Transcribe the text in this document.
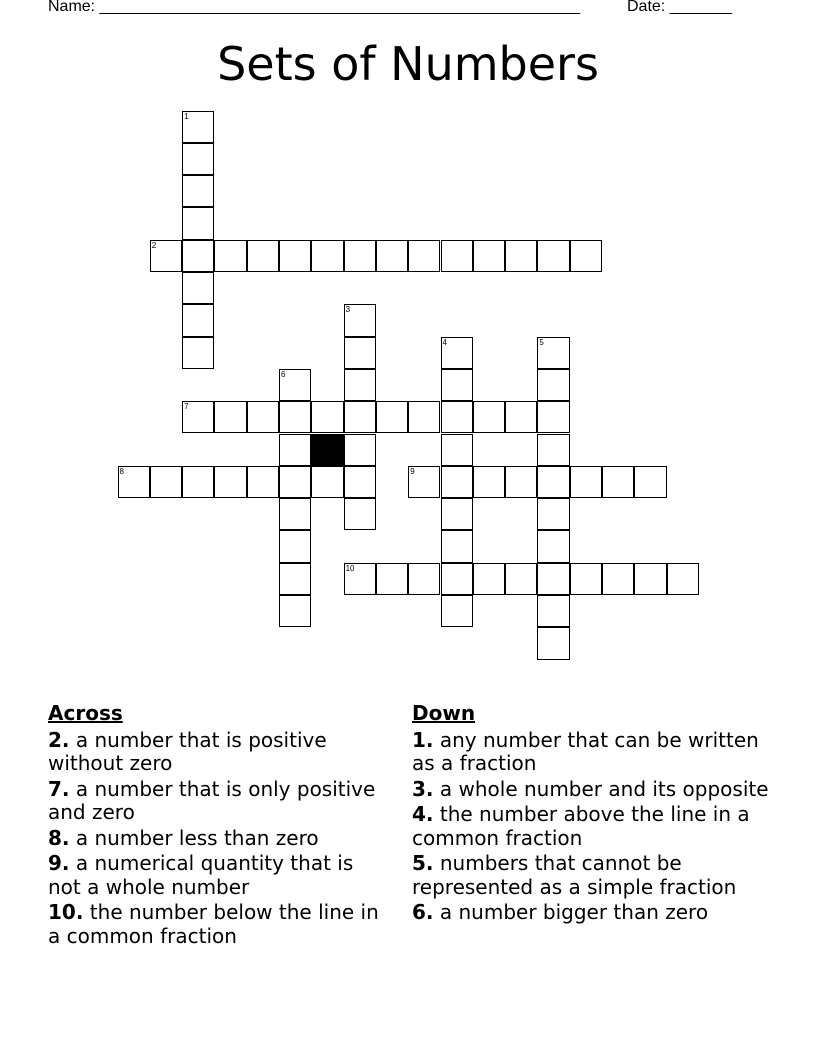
Name: ______________________________________________________	Date: _______
Sets of Numbers
1
2
3
4	5
6
7
8	9
10
Across
2. a number that is positive without zero
7. a number that is only positive and zero
8. a number less than zero
9. a numerical quantity that is not a whole number
10. the number below the line in a common fraction
Down
1. any number that can be written as a fraction
3. a whole number and its opposite
4. the number above the line in a common fraction
5. numbers that cannot be represented as a simple fraction
6. a number bigger than zero
